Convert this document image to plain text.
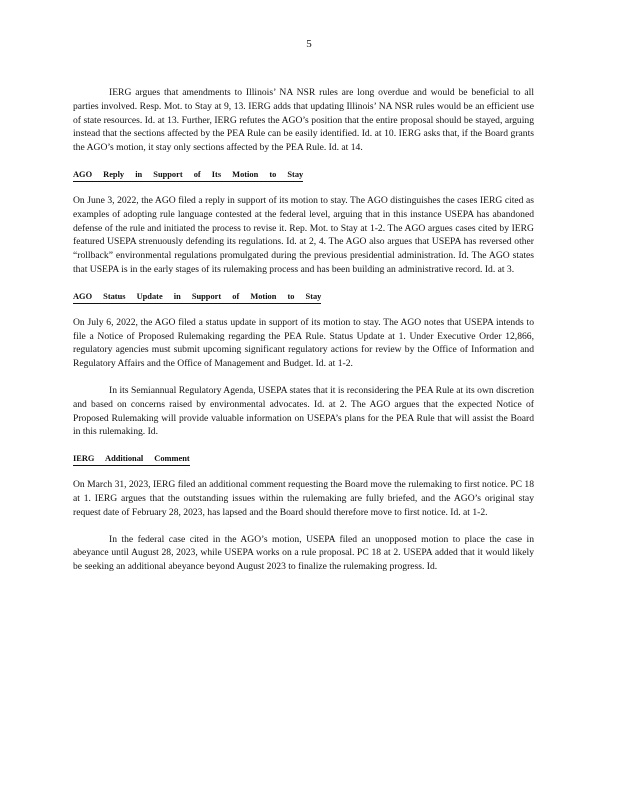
5

IERG argues that amendments to Illinois’ NA NSR rules are long overdue and would be beneficial to all parties involved. Resp. Mot. to Stay at 9, 13. IERG adds that updating Illinois’ NA NSR rules would be an efficient use of state resources. Id. at 13. Further, IERG refutes the AGO’s position that the entire proposal should be stayed, arguing instead that the sections affected by the PEA Rule can be easily identified. Id. at 10. IERG asks that, if the Board grants the AGO’s motion, it stay only sections affected by the PEA Rule. Id. at 14.

AGO Reply in Support of Its Motion to Stay

On June 3, 2022, the AGO filed a reply in support of its motion to stay. The AGO distinguishes the cases IERG cited as examples of adopting rule language contested at the federal level, arguing that in this instance USEPA has abandoned defense of the rule and initiated the process to revise it. Rep. Mot. to Stay at 1-2. The AGO argues cases cited by IERG featured USEPA strenuously defending its regulations. Id. at 2, 4. The AGO also argues that USEPA has reversed other “rollback” environmental regulations promulgated during the previous presidential administration. Id. The AGO states that USEPA is in the early stages of its rulemaking process and has been building an administrative record. Id. at 3.

AGO Status Update in Support of Motion to Stay

On July 6, 2022, the AGO filed a status update in support of its motion to stay. The AGO notes that USEPA intends to file a Notice of Proposed Rulemaking regarding the PEA Rule. Status Update at 1. Under Executive Order 12,866, regulatory agencies must submit upcoming significant regulatory actions for review by the Office of Information and Regulatory Affairs and the Office of Management and Budget. Id. at 1-2.

In its Semiannual Regulatory Agenda, USEPA states that it is reconsidering the PEA Rule at its own discretion and based on concerns raised by environmental advocates. Id. at 2. The AGO argues that the expected Notice of Proposed Rulemaking will provide valuable information on USEPA’s plans for the PEA Rule that will assist the Board in this rulemaking. Id.

IERG Additional Comment

On March 31, 2023, IERG filed an additional comment requesting the Board move the rulemaking to first notice. PC 18 at 1. IERG argues that the outstanding issues within the rulemaking are fully briefed, and the AGO’s original stay request date of February 28, 2023, has lapsed and the Board should therefore move to first notice. Id. at 1-2.

In the federal case cited in the AGO’s motion, USEPA filed an unopposed motion to place the case in abeyance until August 28, 2023, while USEPA works on a rule proposal. PC 18 at 2. USEPA added that it would likely be seeking an additional abeyance beyond August 2023 to finalize the rulemaking progress. Id.
